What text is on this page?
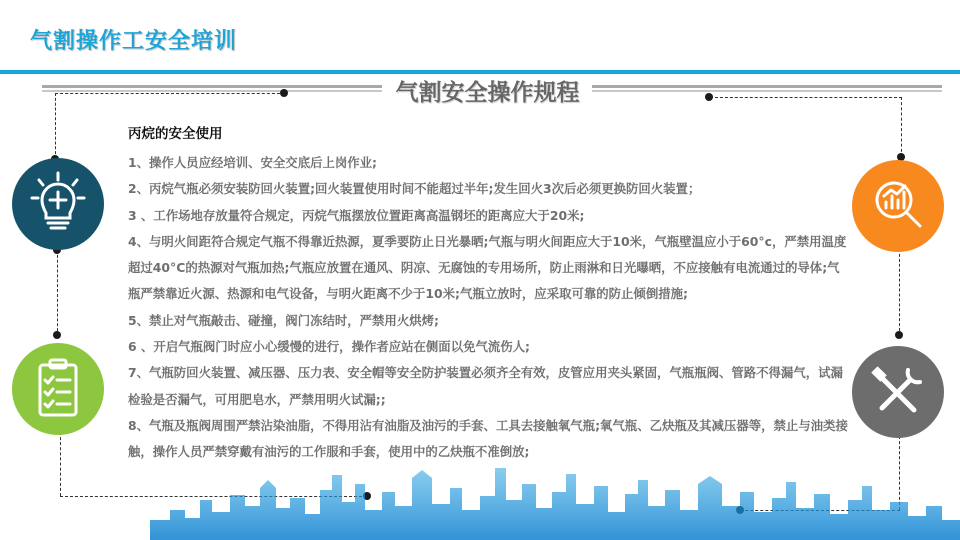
气割操作工安全培训
气割安全操作规程
丙烷的安全使用

1、操作人员应经培训、安全交底后上岗作业;

2、丙烷气瓶必须安装防回火装置;回火装置使用时间不能超过半年;发生回火3次后必须更换防回火装置；

3 、工作场地存放量符合规定，丙烷气瓶摆放位置距离高温钢坯的距离应大于20米;

4、与明火间距符合规定气瓶不得靠近热源，夏季要防止日光暴晒;气瓶与明火间距应大于10米，气瓶壁温应小于60°c，严禁用温度超过40°C的热源对气瓶加热;气瓶应放置在通风、阴凉、无腐蚀的专用场所，防止雨淋和日光曝晒，不应接触有电流通过的导体;气瓶严禁靠近火源、热源和电气设备，与明火距离不少于10米;气瓶立放时，应采取可靠的防止倾倒措施;

5、禁止对气瓶敲击、碰撞，阀门冻结时，严禁用火烘烤;

6 、开启气瓶阀门时应小心缓慢的进行，操作者应站在侧面以免气流伤人;

7、气瓶防回火装置、减压器、压力表、安全帽等安全防护装置必须齐全有效，皮管应用夹头紧固，气瓶瓶阀、管路不得漏气，试漏检验是否漏气，可用肥皂水，严禁用明火试漏;;

8、气瓶及瓶阀周围严禁沾染油脂，不得用沾有油脂及油污的手套、工具去接触氧气瓶;氧气瓶、乙炔瓶及其减压器等，禁止与油类接触，操作人员严禁穿戴有油污的工作服和手套，使用中的乙炔瓶不准倒放;
